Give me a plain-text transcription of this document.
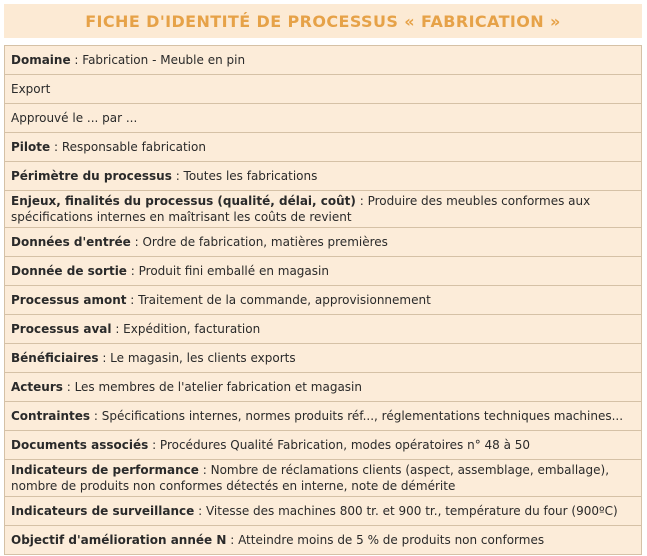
FICHE D'IDENTITÉ DE PROCESSUS « FABRICATION »
Domaine : Fabrication - Meuble en pin
Export
Approuvé le ... par ...
Pilote : Responsable fabrication
Périmètre du processus : Toutes les fabrications
Enjeux, finalités du processus (qualité, délai, coût) : Produire des meubles conformes aux spécifications internes en maîtrisant les coûts de revient
Données d'entrée : Ordre de fabrication, matières premières
Donnée de sortie : Produit fini emballé en magasin
Processus amont : Traitement de la commande, approvisionnement
Processus aval : Expédition, facturation
Bénéficiaires : Le magasin, les clients exports
Acteurs : Les membres de l'atelier fabrication et magasin
Contraintes : Spécifications internes, normes produits réf..., réglementations techniques machines...
Documents associés : Procédures Qualité Fabrication, modes opératoires n° 48 à 50
Indicateurs de performance : Nombre de réclamations clients (aspect, assemblage, emballage), nombre de produits non conformes détectés en interne, note de démérite
Indicateurs de surveillance : Vitesse des machines 800 tr. et 900 tr., température du four (900ºC)
Objectif d'amélioration année N : Atteindre moins de 5 % de produits non conformes
